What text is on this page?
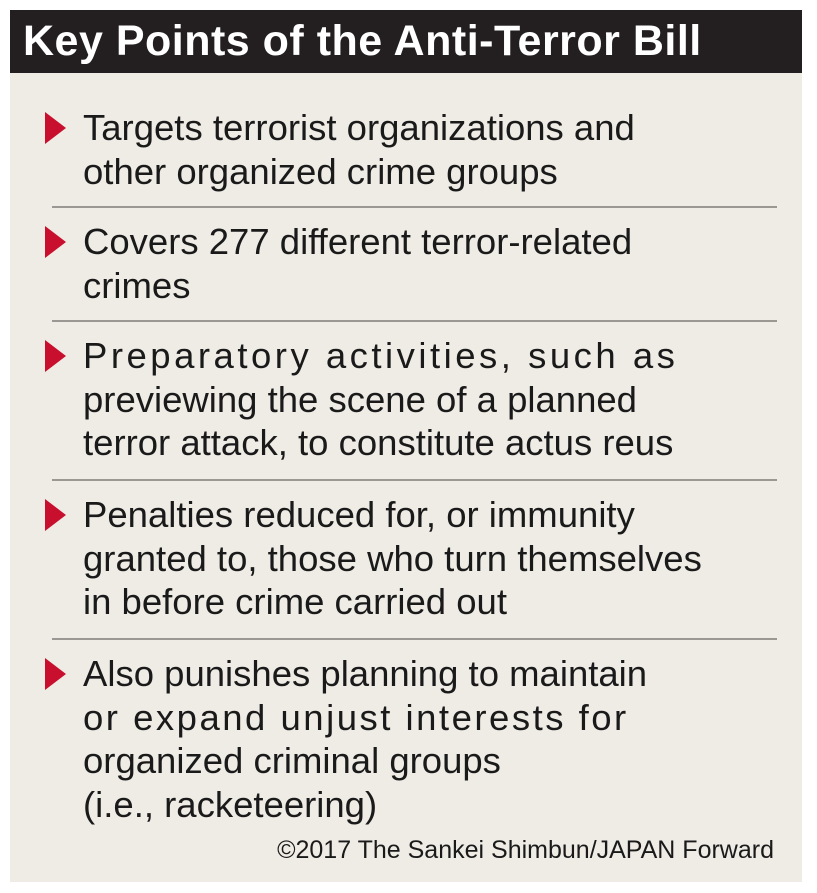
Key Points of the Anti-Terror Bill
Targets terrorist organizations and
other organized crime groups
Covers 277 different terror-related
crimes
Preparatory activities, such as
previewing the scene of a planned
terror attack, to constitute actus reus
Penalties reduced for, or immunity
granted to, those who turn themselves
in before crime carried out
Also punishes planning to maintain
or expand unjust interests for
organized criminal groups
(i.e., racketeering)
©2017 The Sankei Shimbun/JAPAN Forward
